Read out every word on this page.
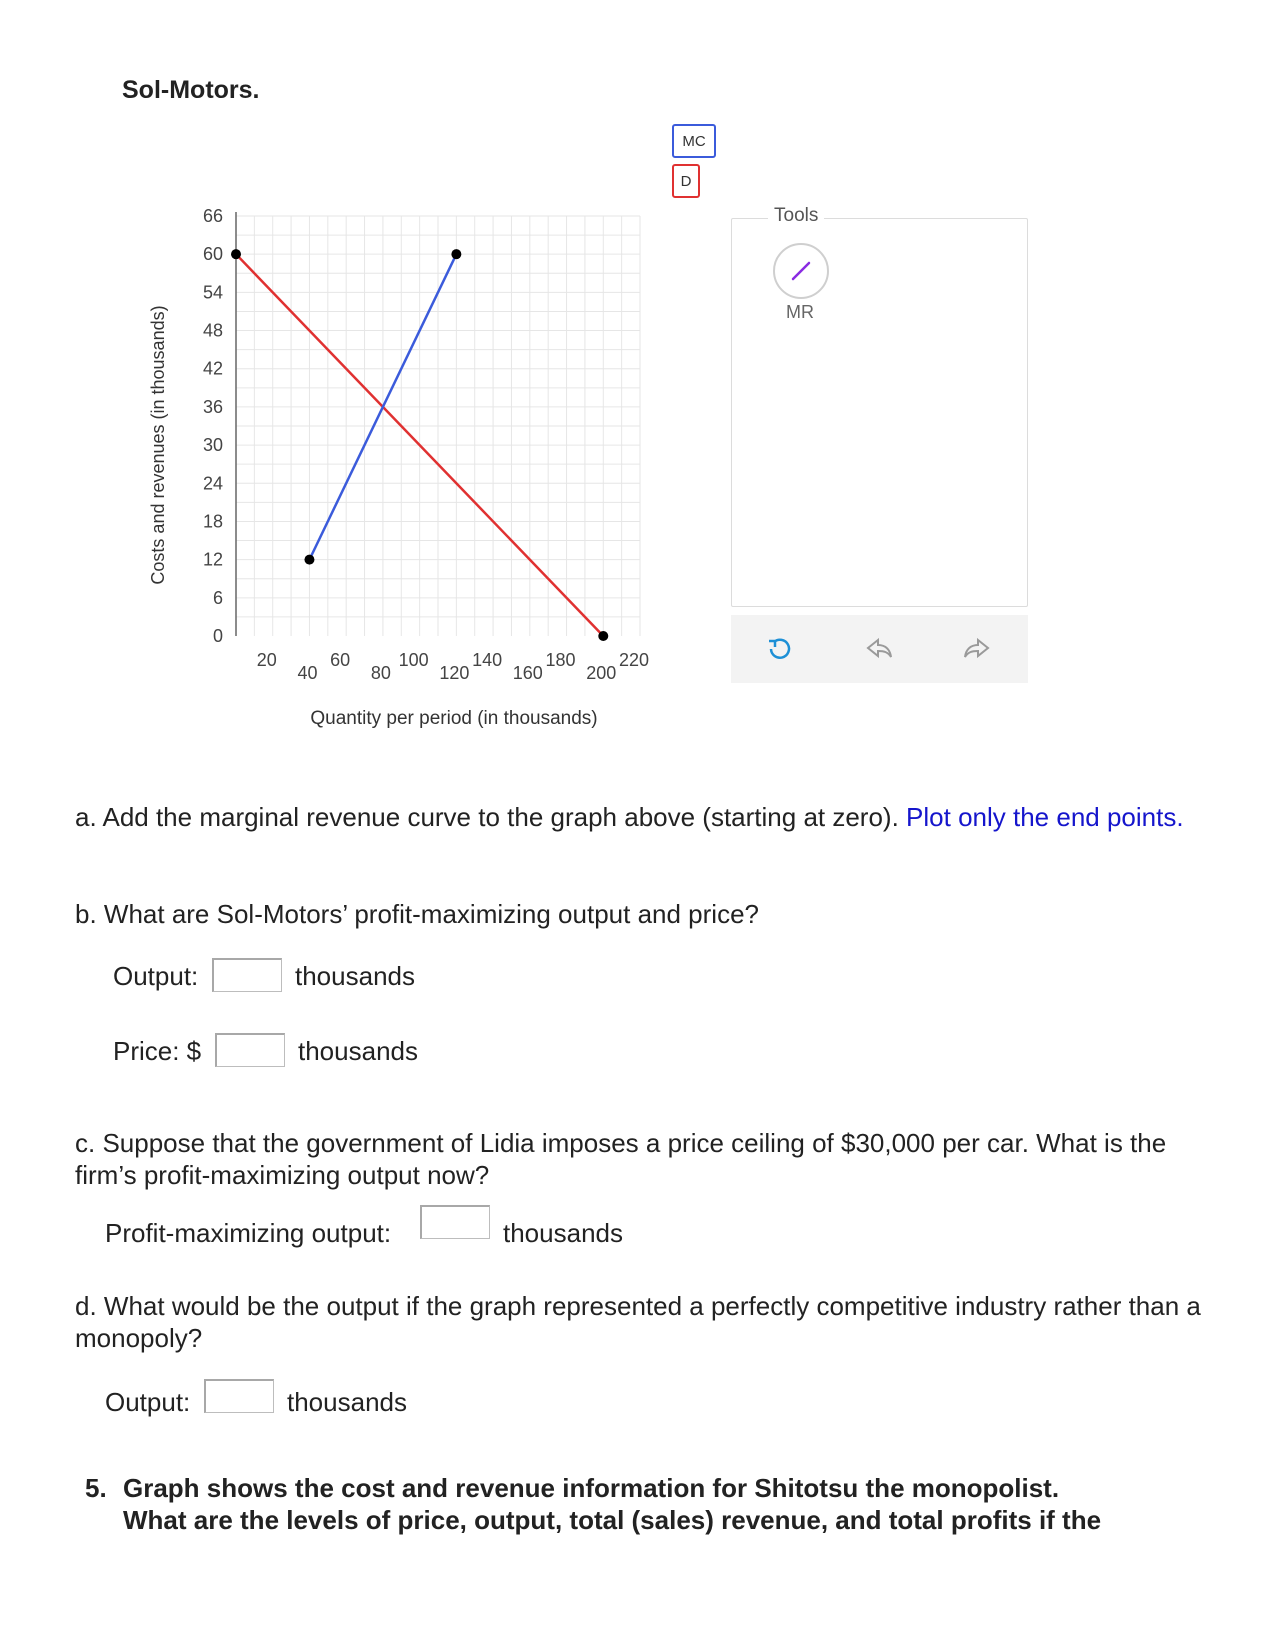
Sol-Motors.
0
6
12
18
24
30
36
42
48
54
60
66
20
40
60
80
100
120
140
160
180
200
220
Costs and revenues (in thousands)
Quantity per period (in thousands)
MC
D
Tools
MR
a. Add the marginal revenue curve to the graph above (starting at zero). Plot only the end points.
b. What are Sol-Motors’ profit-maximizing output and price?
Output:	thousands
Price: $	thousands
c. Suppose that the government of Lidia imposes a price ceiling of $30,000 per car. What is the firm’s profit-maximizing output now?
Profit-maximizing output:	thousands
d. What would be the output if the graph represented a perfectly competitive industry rather than a monopoly?
Output:	thousands
5. Graph shows the cost and revenue information for Shitotsu the monopolist.
What are the levels of price, output, total (sales) revenue, and total profits if the
